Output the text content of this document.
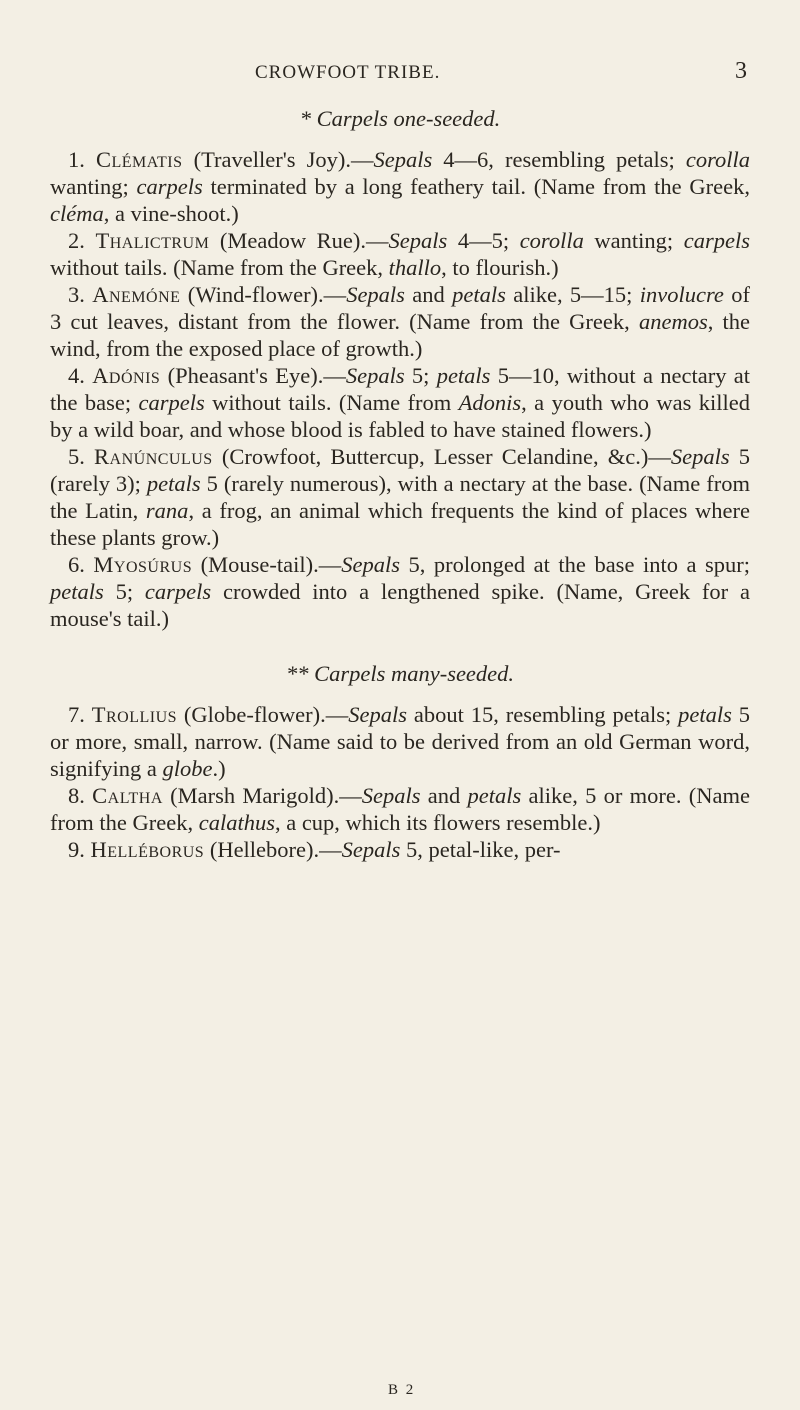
CROWFOOT TRIBE.	3
* Carpels one-seeded.

1. Clématis (Traveller's Joy).—Sepals 4—6, resembling petals; corolla wanting; carpels terminated by a long feathery tail. (Name from the Greek, cléma, a vine-shoot.)

2. Thalictrum (Meadow Rue).—Sepals 4—5; corolla wanting; carpels without tails. (Name from the Greek, thallo, to flourish.)

3. Anemóne (Wind-flower).—Sepals and petals alike, 5—15; involucre of 3 cut leaves, distant from the flower. (Name from the Greek, anemos, the wind, from the exposed place of growth.)

4. Adónis (Pheasant's Eye).—Sepals 5; petals 5—10, without a nectary at the base; carpels without tails. (Name from Adonis, a youth who was killed by a wild boar, and whose blood is fabled to have stained flowers.)

5. Ranúnculus (Crowfoot, Buttercup, Lesser Celandine, &c.)—Sepals 5 (rarely 3); petals 5 (rarely numerous), with a nectary at the base. (Name from the Latin, rana, a frog, an animal which frequents the kind of places where these plants grow.)

6. Myosúrus (Mouse-tail).—Sepals 5, prolonged at the base into a spur; petals 5; carpels crowded into a lengthened spike. (Name, Greek for a mouse's tail.)

** Carpels many-seeded.

7. Trollius (Globe-flower).—Sepals about 15, resembling petals; petals 5 or more, small, narrow. (Name said to be derived from an old German word, signifying a globe.)

8. Caltha (Marsh Marigold).—Sepals and petals alike, 5 or more. (Name from the Greek, calathus, a cup, which its flowers resemble.)

9. Helléborus (Hellebore).—Sepals 5, petal-like, per-

B 2
